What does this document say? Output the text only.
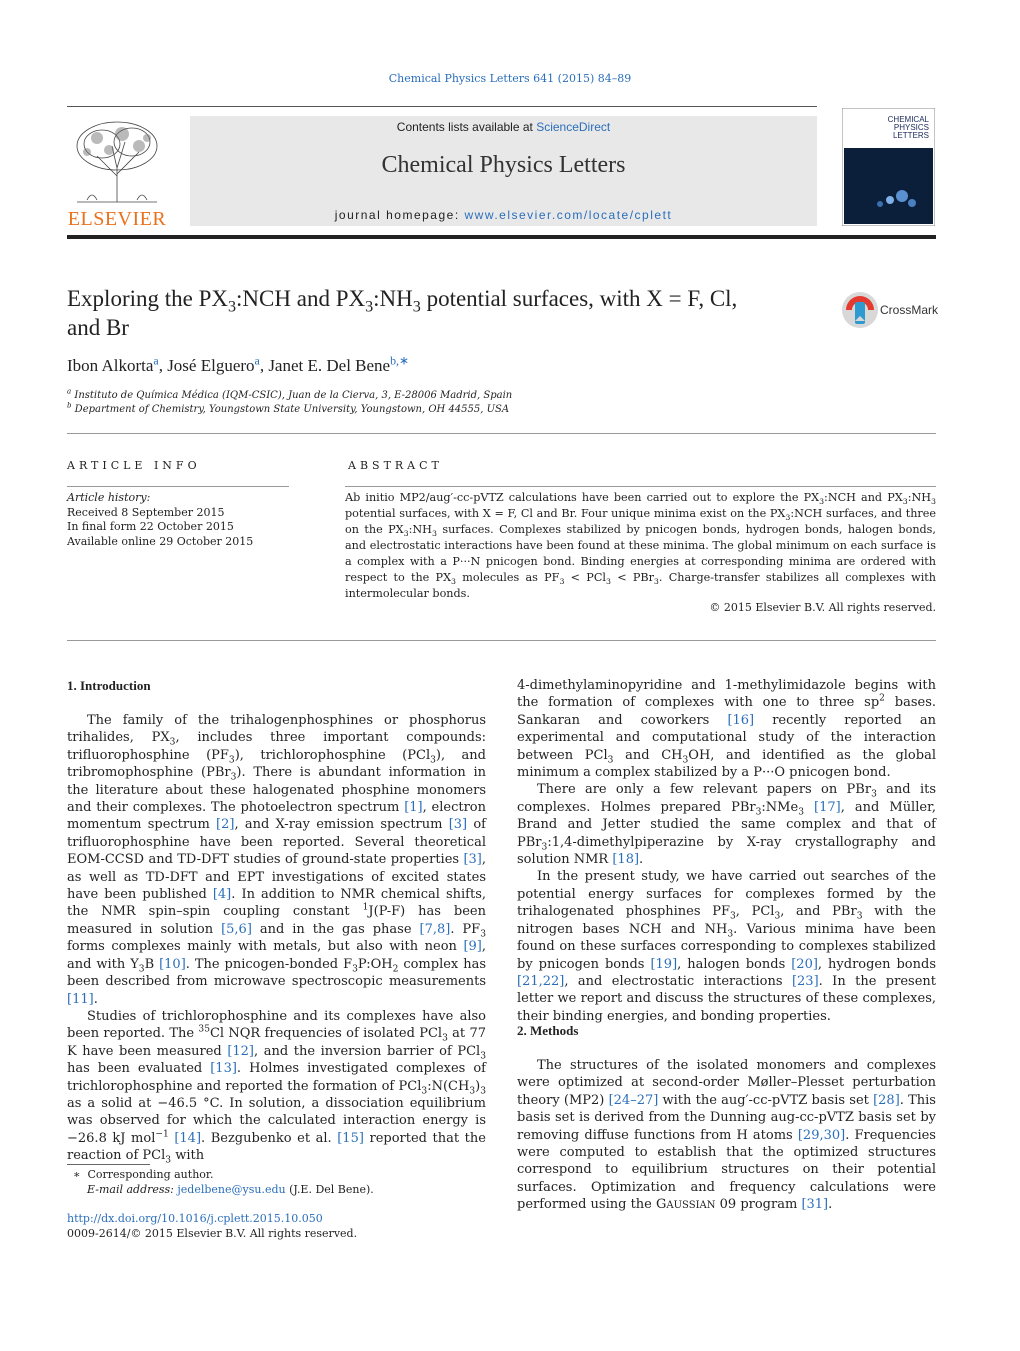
Chemical Physics Letters 641 (2015) 84–89
ELSEVIER
Contents lists available at ScienceDirect
Chemical Physics Letters
journal homepage: www.elsevier.com/locate/cplett
CHEMICAL
PHYSICS
LETTERS
Exploring the $PX_3:NCH$ and $PX_3:NH_3$ potential surfaces, with X = F, Cl,
and Br
CrossMark
Ibon Alkorta$^a$, José Elguero$^a$, Janet E. Del Bene$^{b,∗}$
$^a$ Instituto de Química Médica (IQM-CSIC), Juan de la Cierva, 3, E-28006 Madrid, Spain
$^b$ Department of Chemistry, Youngstown State University, Youngstown, OH 44555, USA
ARTICLE INFO
Article history:
Received 8 September 2015
In final form 22 October 2015
Available online 29 October 2015
ABSTRACT
Ab initio MP2/aug′-cc-pVTZ calculations have been carried out to explore the $PX_3:NCH$ and $PX_3:NH_3$ potential surfaces, with X = F, Cl and Br. Four unique minima exist on the $PX_3:NCH$ surfaces, and three on the $PX_3:NH_3$ surfaces. Complexes stabilized by pnicogen bonds, hydrogen bonds, halogen bonds, and electrostatic interactions have been found at these minima. The global minimum on each surface is a complex with a P···N pnicogen bond. Binding energies at corresponding minima are ordered with respect to the $PX_3$ molecules as $PF_3 < PCl_3 < PBr_3$. Charge-transfer stabilizes all complexes with intermolecular bonds.
© 2015 Elsevier B.V. All rights reserved.
1. Introduction

The family of the trihalogenphosphines or phosphorus trihalides, $PX_3$, includes three important compounds: trifluorophosphine $(PF_3)$, trichlorophosphine (PCl$_3$), and tribromophosphine (PBr$_3$). There is abundant information in the literature about these halogenated phosphine monomers and their complexes. The photoelectron spectrum [1], electron momentum spectrum [2], and X-ray emission spectrum [3] of trifluorophosphine have been reported. Several theoretical EOM-CCSD and TD-DFT studies of ground-state properties [3], as well as TD-DFT and EPT investigations of excited states have been published [4]. In addition to NMR chemical shifts, the NMR spin–spin coupling constant $^1$J(P-F) has been measured in solution [5,6] and in the gas phase [7,8]. $PF_3$ forms complexes mainly with metals, but also with neon [9], and with $Y_3B$ [10]. The pnicogen-bonded $F_3P:OH_2$ complex has been described from microwave spectroscopic measurements [11].

Studies of trichlorophosphine and its complexes have also been reported. The $^{35}$Cl NQR frequencies of isolated PCl$_3$ at 77 K have been measured [12], and the inversion barrier of PCl$_3$ has been evaluated [13]. Holmes investigated complexes of trichlorophosphine and reported the formation of $PCl_3:N(CH_3)_3$ as a solid at −46.5 °C. In solution, a dissociation equilibrium was observed for which the calculated interaction energy is −26.8 kJ mol$^{-1}$ [14]. Bezgubenko et al. [15] reported that the reaction of PCl$_3$ with

∗  Corresponding author.
E-mail address: jedelbene@ysu.edu (J.E. Del Bene).
http://dx.doi.org/10.1016/j.cplett.2015.10.050
0009-2614/© 2015 Elsevier B.V. All rights reserved.

4-dimethylaminopyridine and 1-methylimidazole begins with the formation of complexes with one to three $sp^2$ bases. Sankaran and coworkers [16] recently reported an experimental and computational study of the interaction between PCl$_3$ and $CH_3OH$, and identified as the global minimum a complex stabilized by a P···O pnicogen bond.

There are only a few relevant papers on PBr$_3$ and its complexes. Holmes prepared PBr$_3$:NMe$_3$ [17], and Müller, Brand and Jetter studied the same complex and that of PBr$_3$:1,4-dimethylpiperazine by X-ray crystallography and solution NMR [18].

In the present study, we have carried out searches of the potential energy surfaces for complexes formed by the trihalogenated phosphines $PF_3$, PCl$_3$, and PBr$_3$ with the nitrogen bases NCH and $NH_3$. Various minima have been found on these surfaces corresponding to complexes stabilized by pnicogen bonds [19], halogen bonds [20], hydrogen bonds [21,22], and electrostatic interactions [23]. In the present letter we report and discuss the structures of these complexes, their binding energies, and bonding properties.

2. Methods

The structures of the isolated monomers and complexes were optimized at second-order Møller–Plesset perturbation theory (MP2) [24–27] with the aug′-cc-pVTZ basis set [28]. This basis set is derived from the Dunning aug-cc-pVTZ basis set by removing diffuse functions from H atoms [29,30]. Frequencies were computed to establish that the optimized structures correspond to equilibrium structures on their potential surfaces. Optimization and frequency calculations were performed using the GAUSSIAN 09 program [31].
